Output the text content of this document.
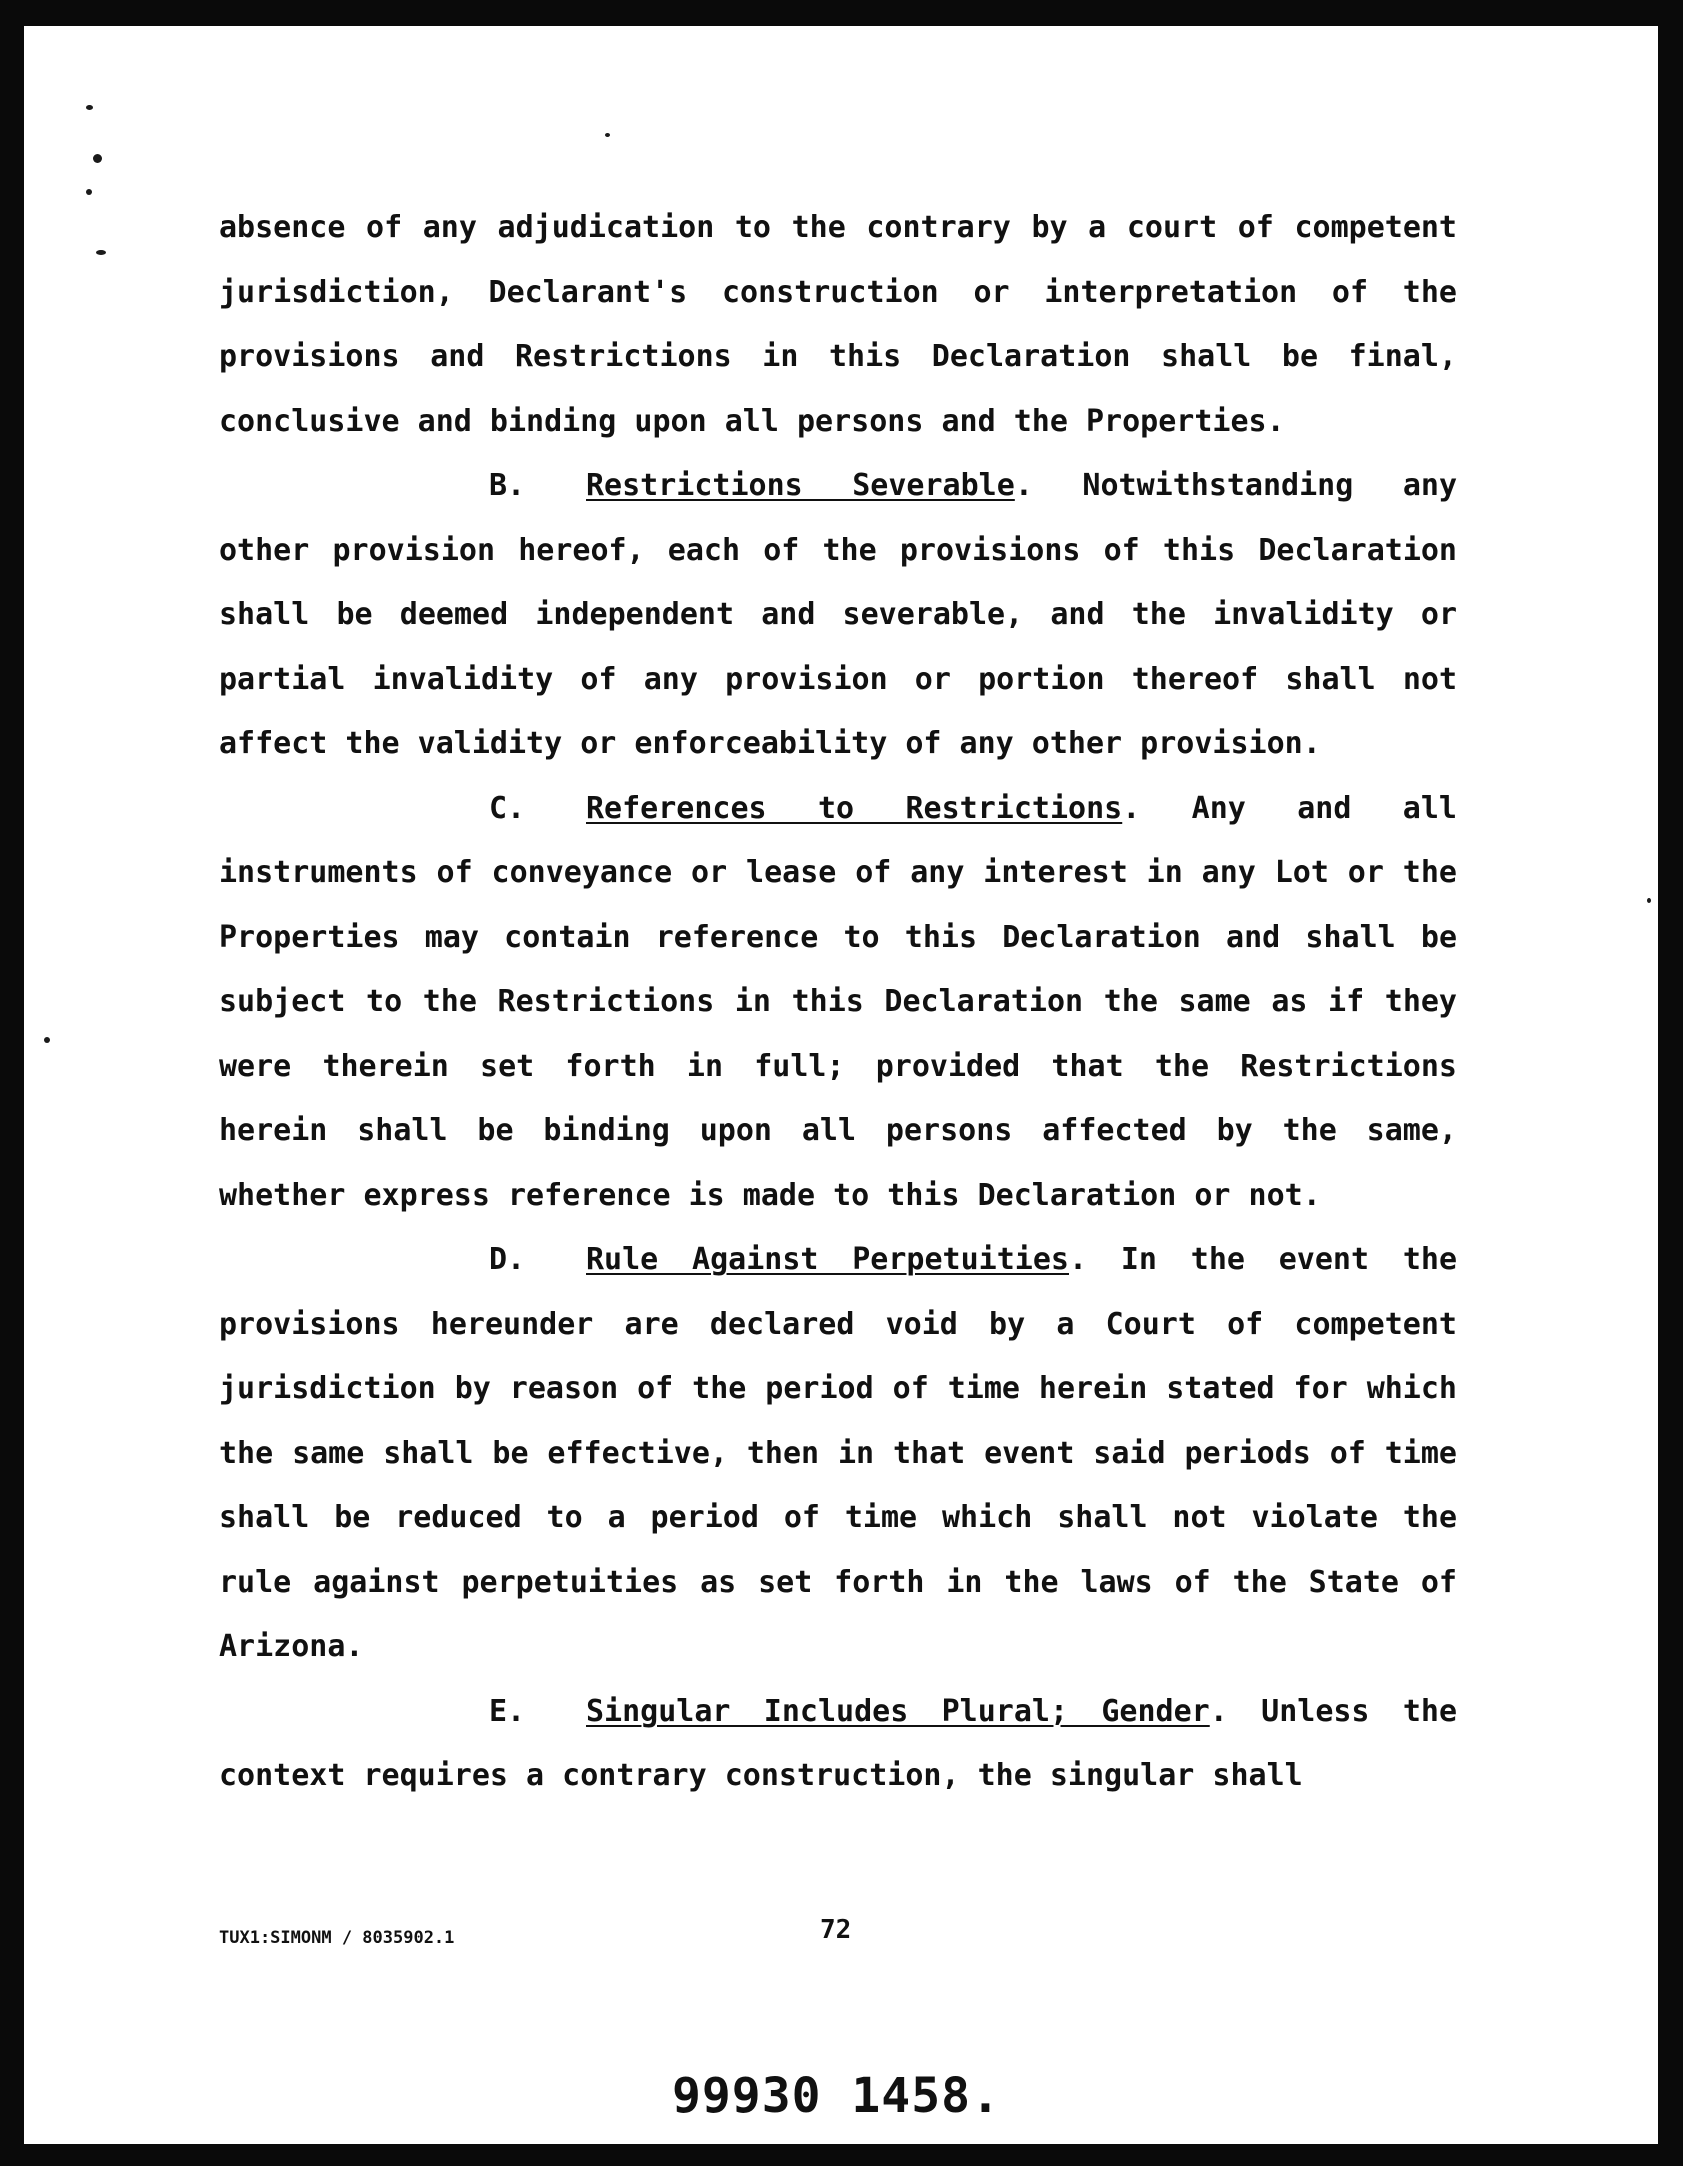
absence of any adjudication to the contrary by a court of competent jurisdiction, Declarant's construction or interpretation of the provisions and Restrictions in this Declaration shall be final, conclusive and binding upon all persons and the Properties.

B. Restrictions Severable. Notwithstanding any other provision hereof, each of the provisions of this Declaration shall be deemed independent and severable, and the invalidity or partial invalidity of any provision or portion thereof shall not affect the validity or enforceability of any other provision.

C. References to Restrictions. Any and all instruments of conveyance or lease of any interest in any Lot or the Properties may contain reference to this Declaration and shall be subject to the Restrictions in this Declaration the same as if they were therein set forth in full; provided that the Restrictions herein shall be binding upon all persons affected by the same, whether express reference is made to this Declaration or not.

D. Rule Against Perpetuities. In the event the provisions hereunder are declared void by a Court of competent jurisdiction by reason of the period of time herein stated for which the same shall be effective, then in that event said periods of time shall be reduced to a period of time which shall not violate the rule against perpetuities as set forth in the laws of the State of Arizona.

E. Singular Includes Plural; Gender. Unless the context requires a contrary construction, the singular shall

TUX1:SIMONM / 8035902.1	72
99930 1458.
